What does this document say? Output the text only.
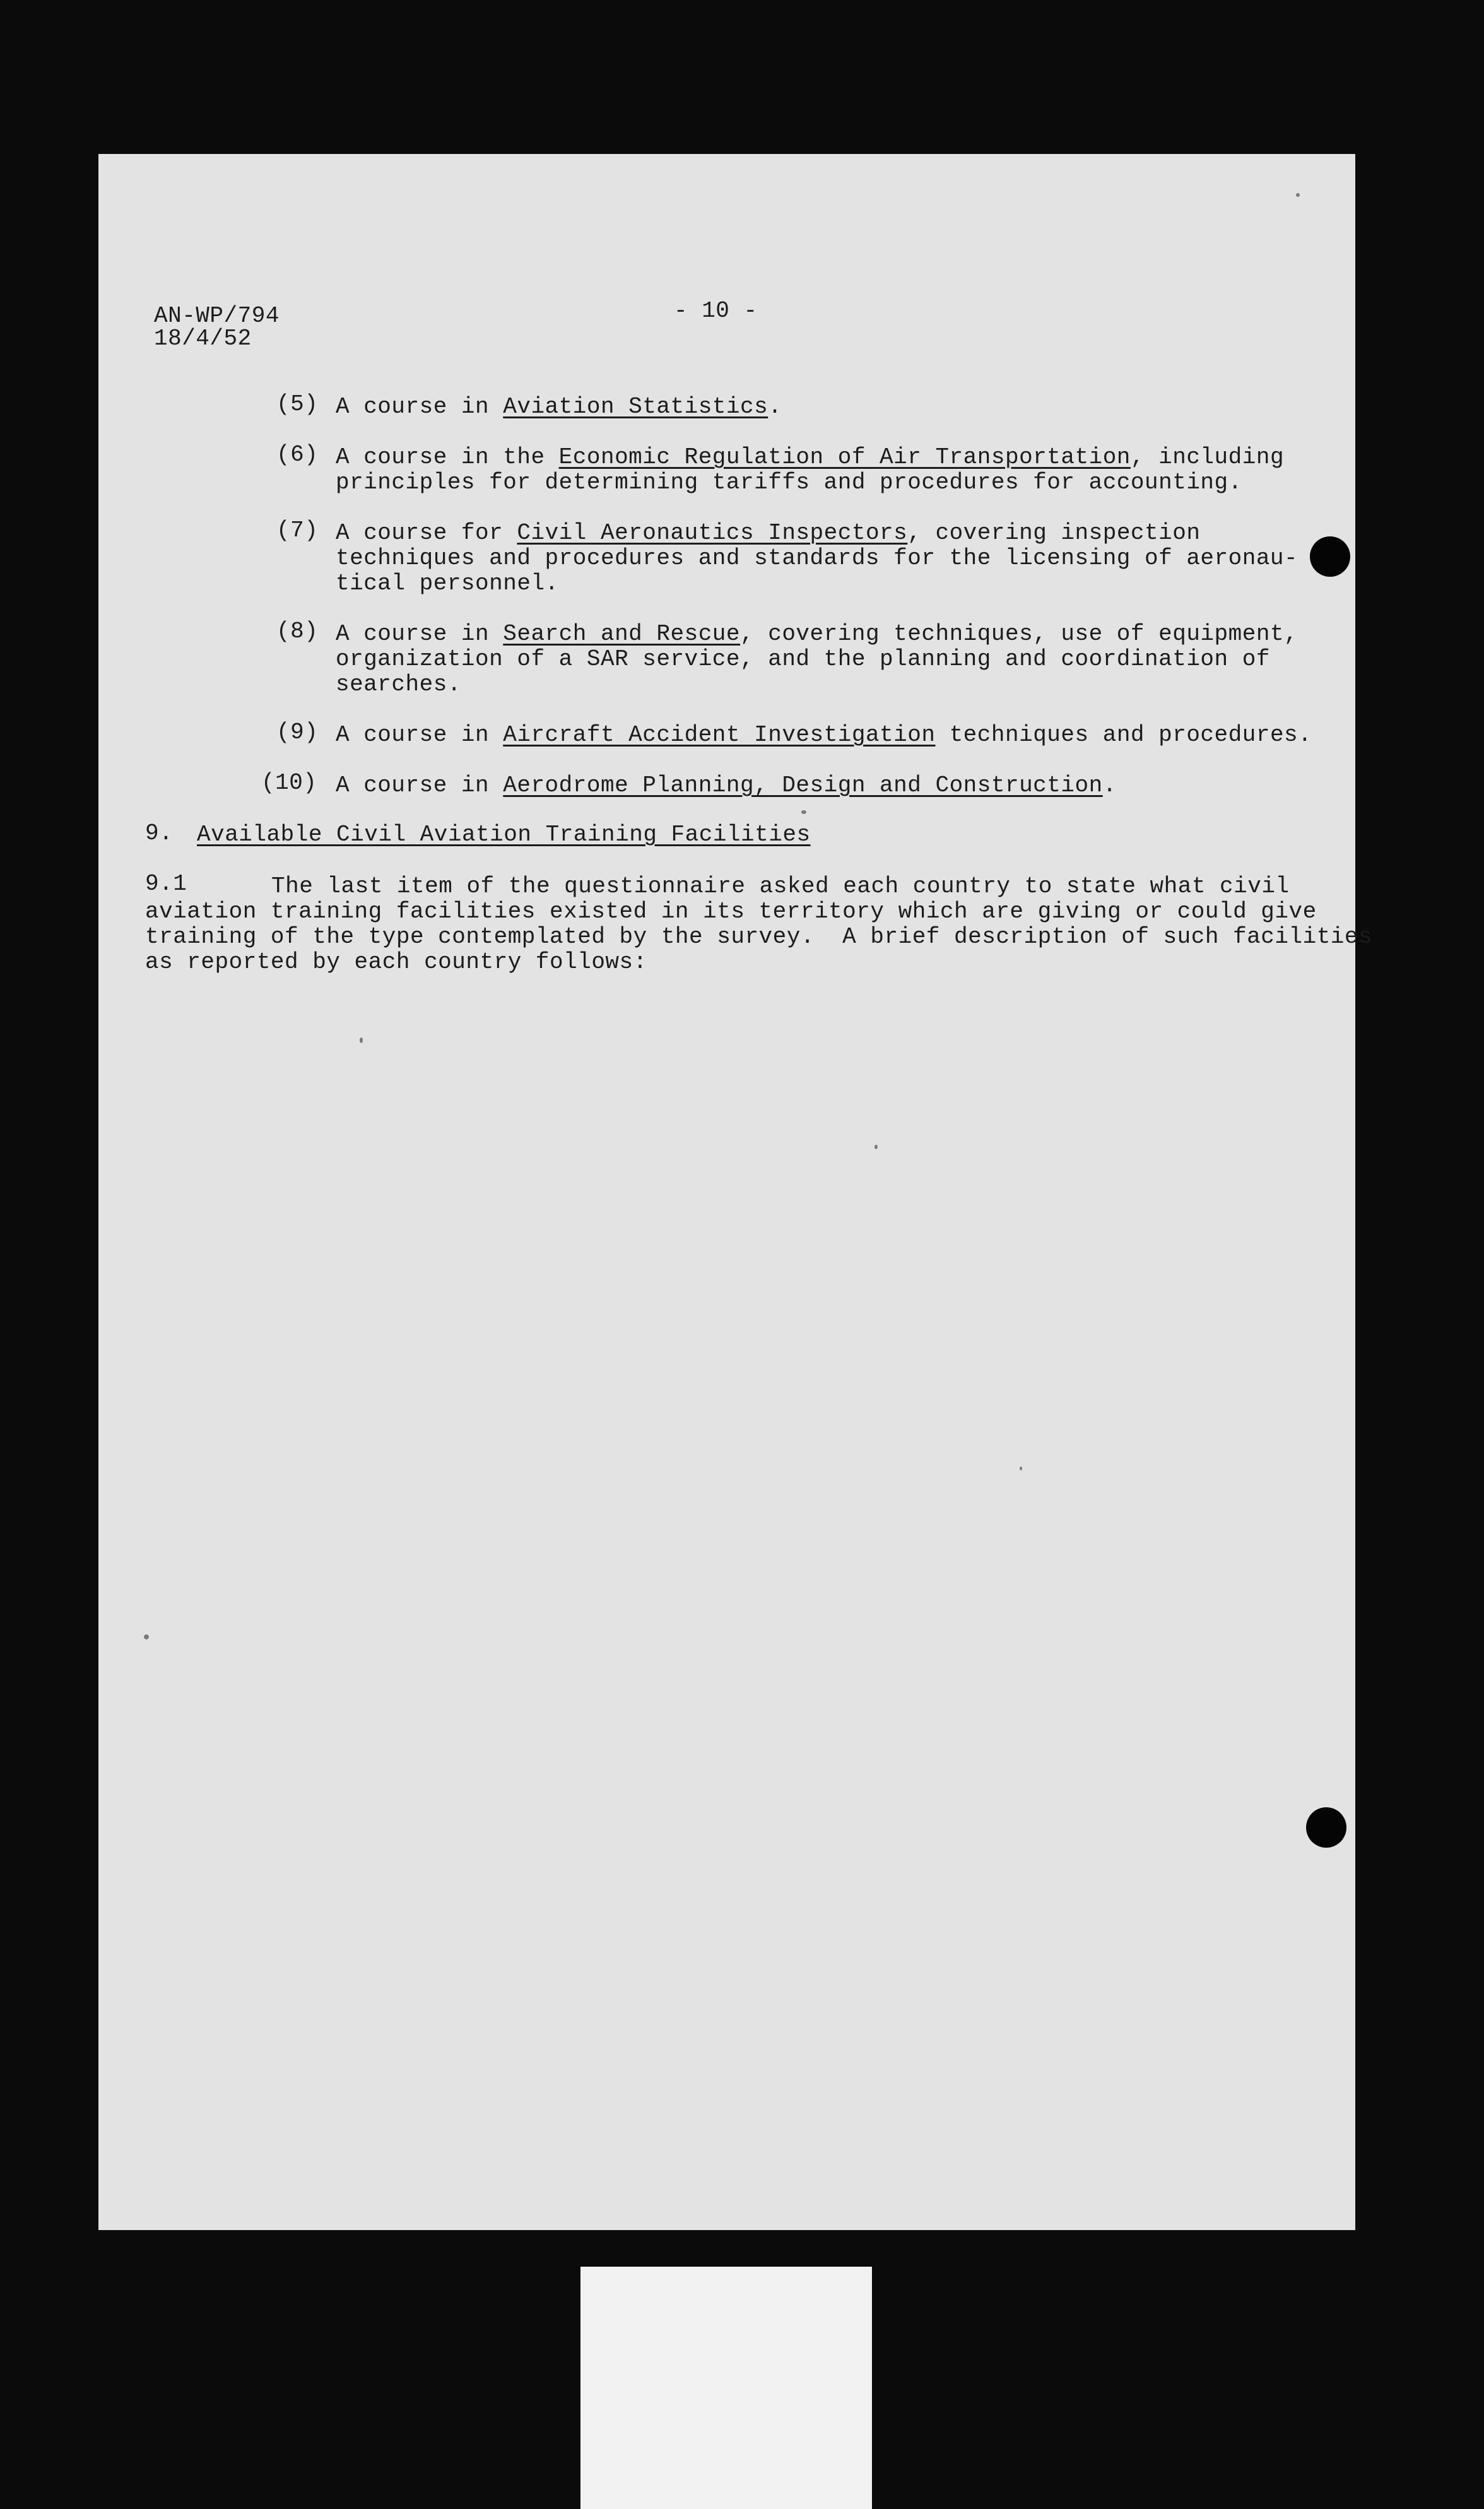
AN-WP/794
18/4/52
- 10 -
(5) A course in Aviation Statistics.
(6) A course in the Economic Regulation of Air Transportation, including
principles for determining tariffs and procedures for accounting.
(7) A course for Civil Aeronautics Inspectors, covering inspection
techniques and procedures and standards for the licensing of aeronau-
tical personnel.
(8) A course in Search and Rescue, covering techniques, use of equipment,
organization of a SAR service, and the planning and coordination of
searches.
(9) A course in Aircraft Accident Investigation techniques and procedures.
(10) A course in Aerodrome Planning, Design and Construction.
9. Available Civil Aviation Training Facilities
9.1	The last item of the questionnaire asked each country to state what civil
aviation training facilities existed in its territory which are giving or could give
training of the type contemplated by the survey.  A brief description of such facilities
as reported by each country follows:
